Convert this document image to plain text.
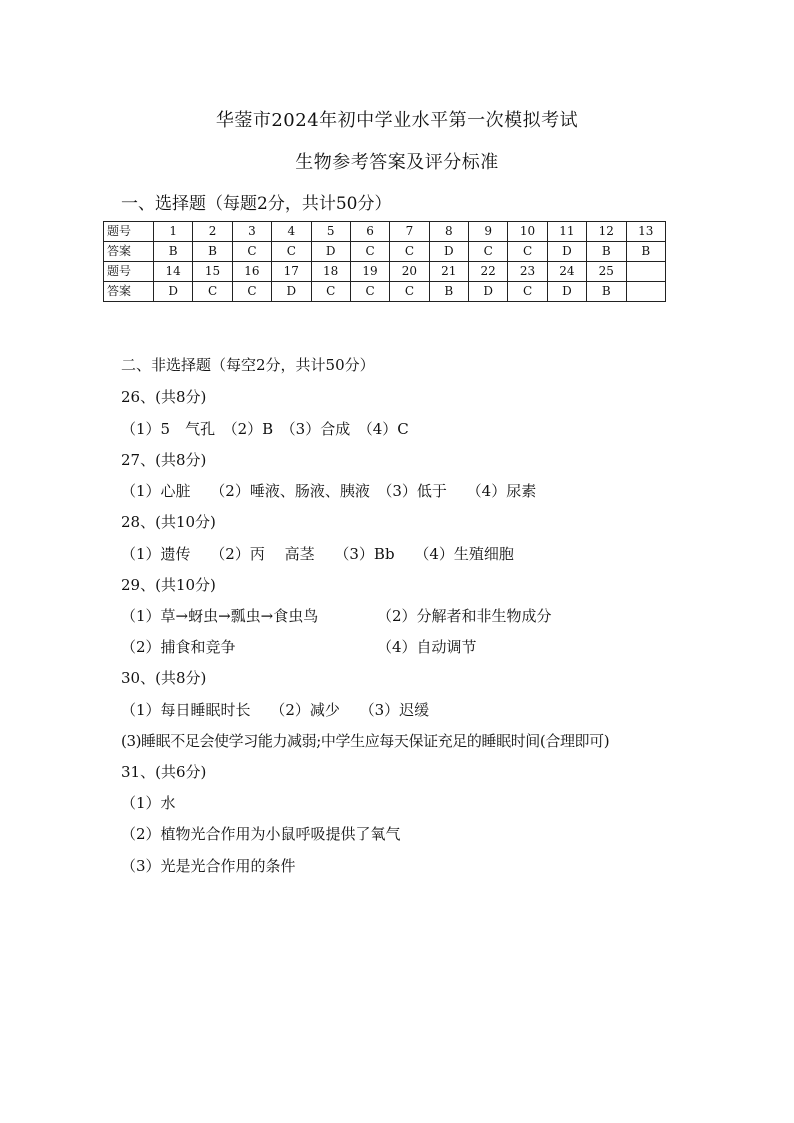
华蓥市2024年初中学业水平第一次模拟考试
生物参考答案及评分标准
一、选择题（每题2分，共计50分）
题号	1	2	3	4	5	6	7	8	9	10	11	12	13
答案	B	B	C	C	D	C	C	D	C	C	D	B	B
题号	14	15	16	17	18	19	20	21	22	23	24	25	
答案	D	C	C	D	C	C	C	B	D	C	D	B	
二、非选择题（每空2分，共计50分）
26、(共8分)
（1）5　气孔　（2）B　（3）合成　（4）C
27、(共8分)
（1）心脏　 （2）唾液、肠液、胰液　（3）低于　 （4）尿素
28、(共10分)
（1）遗传　 （2）丙　 高茎　 （3）Bb　 （4）生殖细胞
29、(共10分)
（1）草→蚜虫→瓢虫→食虫鸟	（2）分解者和非生物成分
（2）捕食和竞争	（4）自动调节
30、(共8分)
（1）每日睡眠时长　 （2）减少　 （3）迟缓
(3)睡眠不足会使学习能力减弱;中学生应每天保证充足的睡眠时间(合理即可)
31、(共6分)
（1）水
（2）植物光合作用为小鼠呼吸提供了氧气
（3）光是光合作用的条件
